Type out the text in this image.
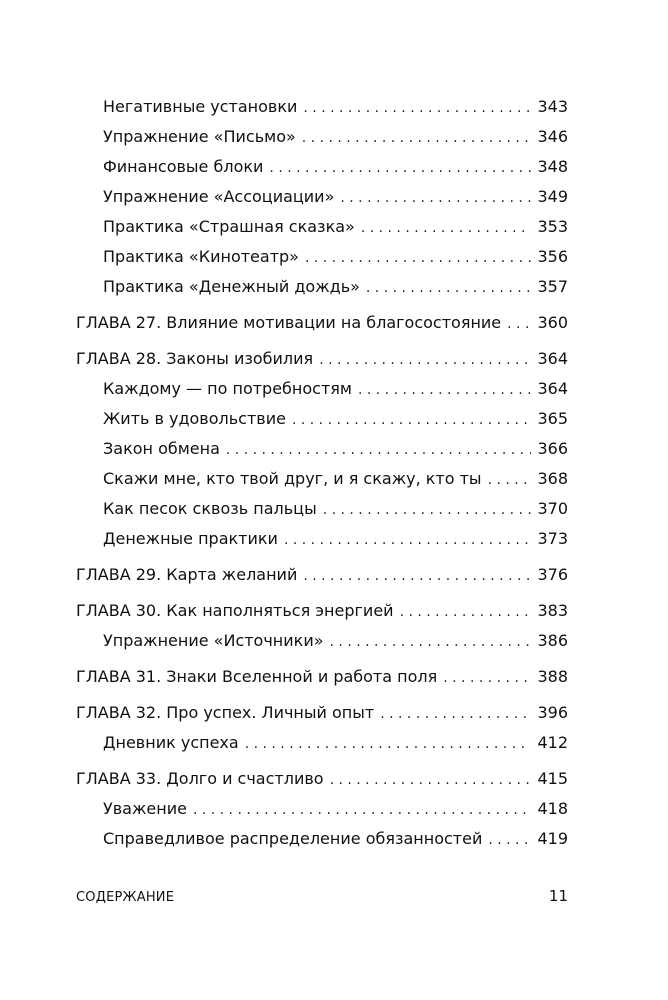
Негативные установки . . .	343
Упражнение «Письмо» . . .	346
Финансовые блоки . . .	348
Упражнение «Ассоциации» . . .	349
Практика «Страшная сказка» . . .	353
Практика «Кинотеатр» . . .	356
Практика «Денежный дождь» . . .	357
ГЛАВА 27. Влияние мотивации на благосостояние . . .	360
ГЛАВА 28. Законы изобилия . . .	364
Каждому — по потребностям . . .	364
Жить в удовольствие . . .	365
Закон обмена . . .	366
Скажи мне, кто твой друг, и я скажу, кто ты . . .	368
Как песок сквозь пальцы . . .	370
Денежные практики . . .	373
ГЛАВА 29. Карта желаний . . .	376
ГЛАВА 30. Как наполняться энергией . . .	383
Упражнение «Источники» . . .	386
ГЛАВА 31. Знаки Вселенной и работа поля . . .	388
ГЛАВА 32. Про успех. Личный опыт . . .	396
Дневник успеха . . .	412
ГЛАВА 33. Долго и счастливо . . .	415
Уважение . . .	418
Справедливое распределение обязанностей . . .	419
СОДЕРЖАНИЕ	11
